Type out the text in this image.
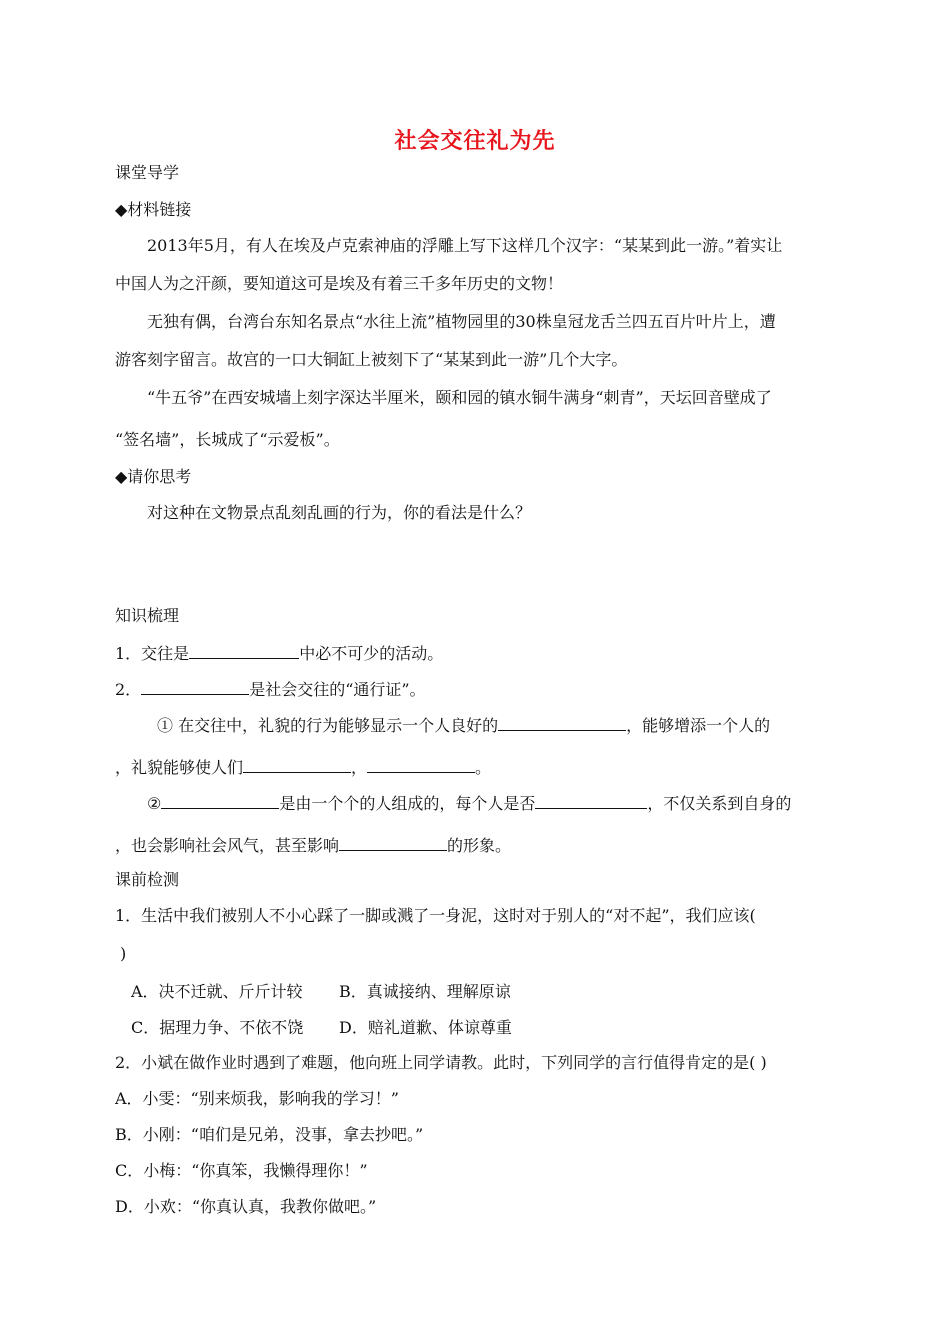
社会交往礼为先
课堂导学
◆材料链接
2013年5月，有人在埃及卢克索神庙的浮雕上写下这样几个汉字：“某某到此一游。”着实让
中国人为之汗颜，要知道这可是埃及有着三千多年历史的文物！
无独有偶，台湾台东知名景点“水往上流”植物园里的30株皇冠龙舌兰四五百片叶片上，遭
游客刻字留言。故宫的一口大铜缸上被刻下了“某某到此一游”几个大字。
“牛五爷”在西安城墙上刻字深达半厘米，颐和园的镇水铜牛满身“刺青”，天坛回音壁成了
“签名墙”，长城成了“示爱板”。
◆请你思考
对这种在文物景点乱刻乱画的行为，你的看法是什么？
知识梳理
1．交往是	中必不可少的活动。
2．	是社会交往的“通行证”。
① 在交往中，礼貌的行为能够显示一个人良好的	，能够增添一个人的
，礼貌能够使人们	，	。
②	是由一个个的人组成的，每个人是否	，不仅关系到自身的
，也会影响社会风气，甚至影响	的形象。
课前检测
1．生活中我们被别人不小心踩了一脚或溅了一身泥，这时对于别人的“对不起”，我们应该(
)
A．决不迁就、斤斤计较 B．真诚接纳、理解原谅
C．据理力争、不依不饶 D．赔礼道歉、体谅尊重
2．小斌在做作业时遇到了难题，他向班上同学请教。此时，下列同学的言行值得肯定的是( )
A．小雯：“别来烦我，影响我的学习！”
B．小刚：“咱们是兄弟，没事，拿去抄吧。”
C．小梅：“你真笨，我懒得理你！”
D．小欢：“你真认真，我教你做吧。”
